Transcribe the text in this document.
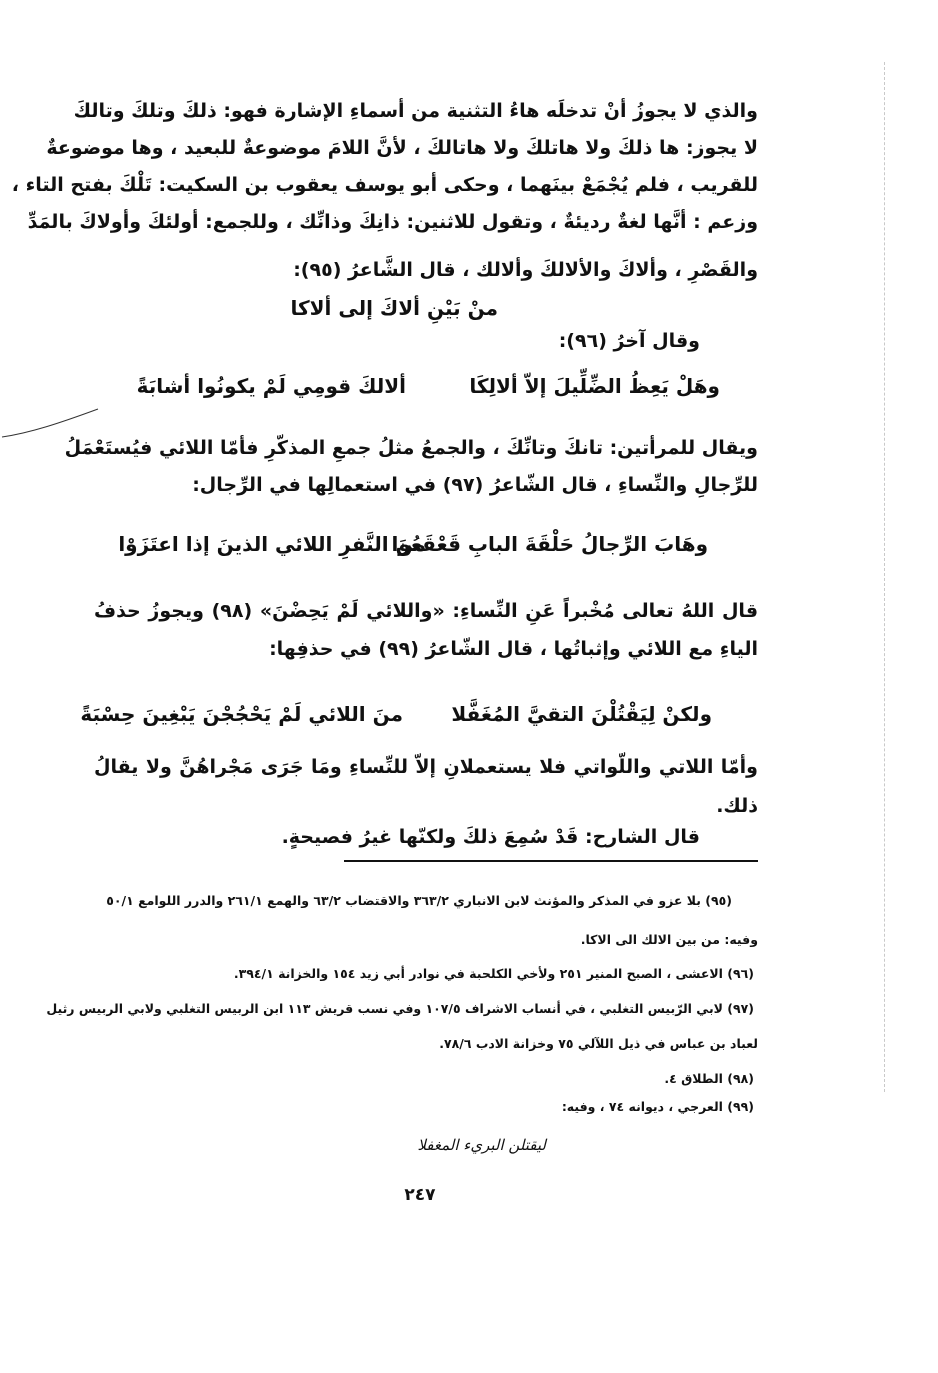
والذي لا يجوزُ أنْ تدخلَه هاءُ التثنية من أسماءِ الإشارة فهو: ذلكَ وتلكَ وتالكَ
لا يجوز: ها ذلكَ ولا هاتلكَ ولا هاتالكَ ، لأنَّ اللامَ موضوعةٌ للبعيد ، وها موضوعةٌ
للقريب ، فلم يُجْمَعْ بينَهما ، وحكى أبو يوسف يعقوب بن السكيت: تَلْكَ بفتح التاء ،
وزعم : أنَّها لغةٌ رديئةٌ ، وتقول للاثنين: ذانِكَ وذانِّك ، وللجمع: أولئكَ وأولاكَ بالمَدِّ
والقَصْرِ ، وألاكَ والألالكَ وألالك ، قال الشَّاعرُ (٩٥):
منْ بَيْنِ ألاكَ إلى ألاكا
وقال آخرُ (٩٦):
ألالكَ قومِي لَمْ يكونُوا أشابَةً	وهَلْ يَعِظُ الضِّلِّيلَ إلاّ ألالِكَا
ويقال للمرأتين: تانكَ وتانِّكَ ، والجمعُ مثلُ جمعِ المذكّرِ فأمّا اللائي فيُستَعْمَلُ
للرِّجالِ والنِّساءِ ، قال الشّاعرُ (٩٧) في استعمالِها في الرِّجال:
منَ النَّفرِ اللائي الذينَ إذا اعتَزَوْا
وهَابَ الرِّجالُ حَلْقَةَ البابِ قَعْقَعُوا
قال اللهُ تعالى مُخْبراً عَنِ النِّساءِ: «واللائي لَمْ يَحِضْنَ» (٩٨) ويجوزُ حذفُ
الياءِ مع اللائي وإثباتُها ، قال الشّاعرُ (٩٩) في حذفِها:
منَ اللائي لَمْ يَحْجُجْنَ يَبْغِينَ حِسْبَةً ولكنْ لِيَقْتُلْنَ التقيَّ المُغَفَّلا
وأمّا اللاتي واللّواتي فلا يستعملانِ إلاّ للنِّساءِ ومَا جَرَى مَجْراهُنَّ ولا يقالُ
ذلك.
قال الشارح: قَدْ سُمِعَ ذلكَ ولكنّها غيرُ فصيحةٍ.
(٩٥) بلا عزو في المذكر والمؤنث لابن الانباري ٣٦٣/٢ والاقتضاب ٦٣/٢ والهمع ٢٦١/١ والدرر اللوامع ٥٠/١
وفيه: من بين الالك الى الاكا.
(٩٦) الاعشى ، الصبح المنير ٢٥١ ولأخي الكلحبة في نوادر أبي زيد ١٥٤ والخزانة ٣٩٤/١.
(٩٧) لابي الرّبيس التغلبي ، في أنساب الاشراف ١٠٧/٥ وفي نسب قريش ١١٣ ابن الربيس التغلبي ولابي الربيس رثيل
لعباد بن عباس في ذيل اللآلي ٧٥ وخزانة الادب ٧٨/٦.
(٩٨) الطلاق ٤.
(٩٩) العرجي ، ديوانه ٧٤ ، وفيه:
ليقتلن البريء المغفلا
٢٤٧
